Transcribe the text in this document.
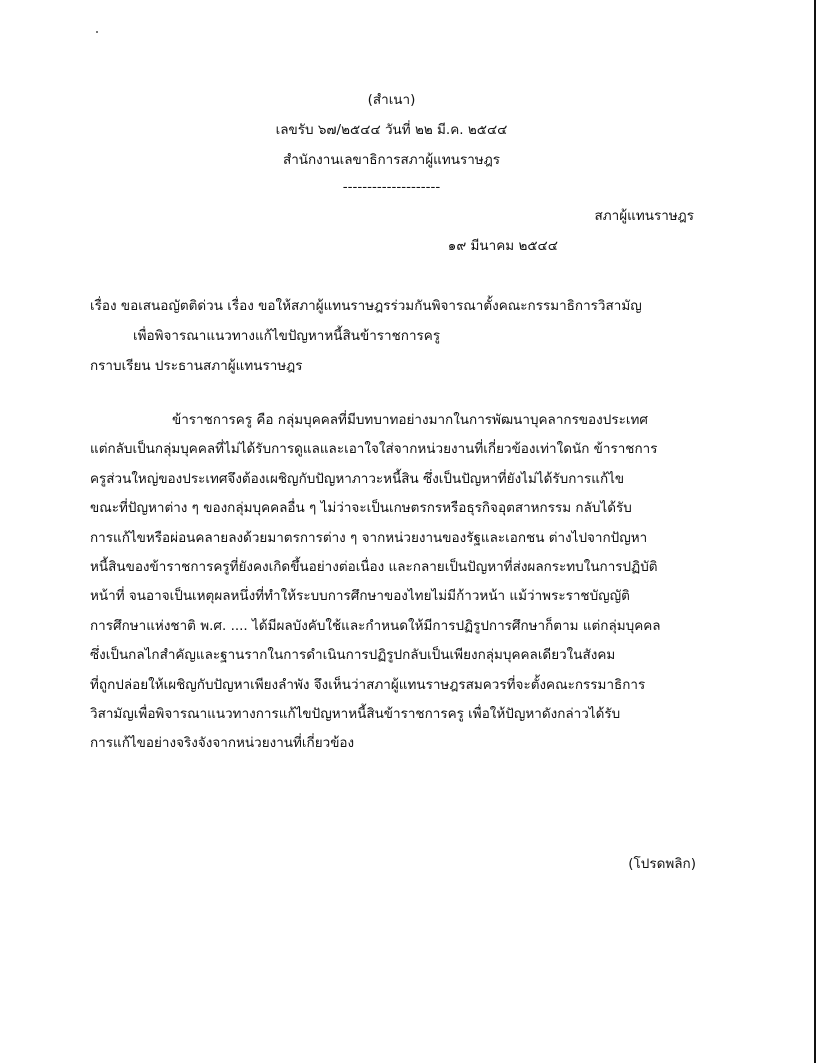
(สำเนา)
เลขรับ ๖๗/๒๕๔๔ วันที่ ๒๒ มี.ค. ๒๕๔๔
สำนักงานเลขาธิการสภาผู้แทนราษฎร
--------------------
สภาผู้แทนราษฎร
๑๙ มีนาคม ๒๕๔๔
เรื่อง ขอเสนอญัตติด่วน เรื่อง ขอให้สภาผู้แทนราษฎรร่วมกันพิจารณาตั้งคณะกรรมาธิการวิสามัญ
เพื่อพิจารณาแนวทางแก้ไขปัญหาหนี้สินข้าราชการครู
กราบเรียน ประธานสภาผู้แทนราษฎร
ข้าราชการครู คือ กลุ่มบุคคลที่มีบทบาทอย่างมากในการพัฒนาบุคลากรของประเทศ
แต่กลับเป็นกลุ่มบุคคลที่ไม่ได้รับการดูแลและเอาใจใส่จากหน่วยงานที่เกี่ยวข้องเท่าใดนัก ข้าราชการ
ครูส่วนใหญ่ของประเทศจึงต้องเผชิญกับปัญหาภาวะหนี้สิน ซึ่งเป็นปัญหาที่ยังไม่ได้รับการแก้ไข
ขณะที่ปัญหาต่าง ๆ ของกลุ่มบุคคลอื่น ๆ ไม่ว่าจะเป็นเกษตรกรหรือธุรกิจอุตสาหกรรม กลับได้รับ
การแก้ไขหรือผ่อนคลายลงด้วยมาตรการต่าง ๆ จากหน่วยงานของรัฐและเอกชน ต่างไปจากปัญหา
หนี้สินของข้าราชการครูที่ยังคงเกิดขึ้นอย่างต่อเนื่อง และกลายเป็นปัญหาที่ส่งผลกระทบในการปฏิบัติ
หน้าที่ จนอาจเป็นเหตุผลหนึ่งที่ทำให้ระบบการศึกษาของไทยไม่มีก้าวหน้า แม้ว่าพระราชบัญญัติ
การศึกษาแห่งชาติ พ.ศ. .... ได้มีผลบังคับใช้และกำหนดให้มีการปฏิรูปการศึกษาก็ตาม แต่กลุ่มบุคคล
ซึ่งเป็นกลไกสำคัญและฐานรากในการดำเนินการปฏิรูปกลับเป็นเพียงกลุ่มบุคคลเดียวในสังคม
ที่ถูกปล่อยให้เผชิญกับปัญหาเพียงลำพัง จึงเห็นว่าสภาผู้แทนราษฎรสมควรที่จะตั้งคณะกรรมาธิการ
วิสามัญเพื่อพิจารณาแนวทางการแก้ไขปัญหาหนี้สินข้าราชการครู เพื่อให้ปัญหาดังกล่าวได้รับ
การแก้ไขอย่างจริงจังจากหน่วยงานที่เกี่ยวข้อง
(โปรดพลิก)
